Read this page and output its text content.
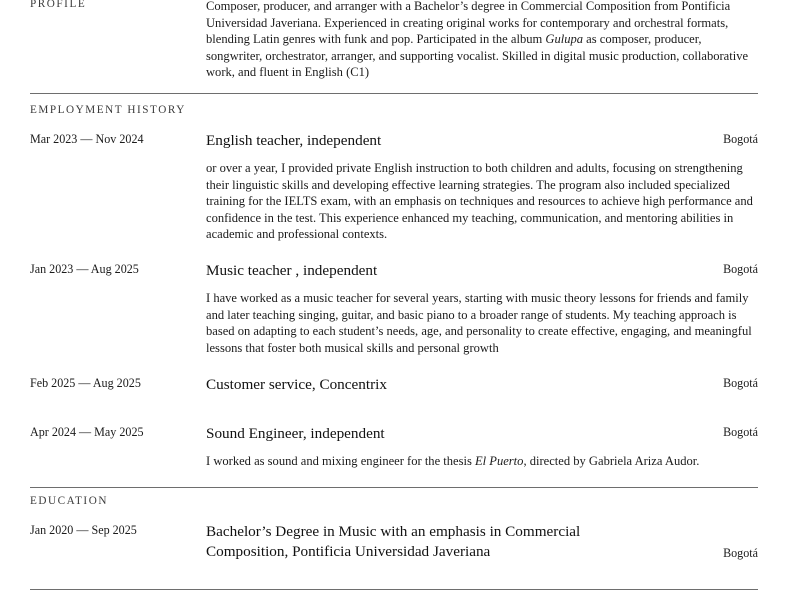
PROFILE	Composer, producer, and arranger with a Bachelor’s degree in Commercial Composition from Pontificia Universidad Javeriana. Experienced in creating original works for contemporary and orchestral formats, blending Latin genres with funk and pop. Participated in the album Gulupa as composer, producer, songwriter, orchestrator, arranger, and supporting vocalist. Skilled in digital music production, collaborative work, and fluent in English (C1)
EMPLOYMENT HISTORY
Mar 2023 — Nov 2024	English teacher, independent	Bogotá
or over a year, I provided private English instruction to both children and adults, focusing on strengthening their linguistic skills and developing effective learning strategies. The program also included specialized training for the IELTS exam, with an emphasis on techniques and resources to achieve high performance and confidence in the test. This experience enhanced my teaching, communication, and mentoring abilities in academic and professional contexts.
Jan 2023 — Aug 2025	Music teacher , independent	Bogotá
I have worked as a music teacher for several years, starting with music theory lessons for friends and family and later teaching singing, guitar, and basic piano to a broader range of students. My teaching approach is based on adapting to each student’s needs, age, and personality to create effective, engaging, and meaningful lessons that foster both musical skills and personal growth
Feb 2025 — Aug 2025	Customer service, Concentrix	Bogotá
Apr 2024 — May 2025	Sound Engineer, independent	Bogotá
I worked as sound and mixing engineer for the thesis El Puerto, directed by Gabriela Ariza Audor.
EDUCATION
Jan 2020 — Sep 2025	Bachelor’s Degree in Music with an emphasis in Commercial
Composition, Pontificia Universidad Javeriana	Bogotá
